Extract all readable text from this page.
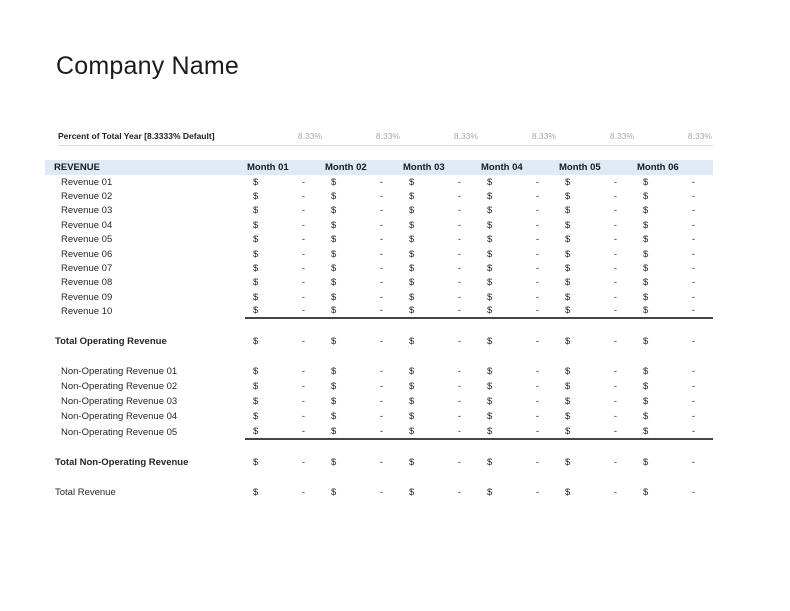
Company Name
Percent of Total Year [8.3333% Default]	8.33%	8.33%	8.33%	8.33%	8.33%	8.33%
REVENUE	Month 01	Month 02	Month 03	Month 04	Month 05	Month 06
Revenue 01	$	-	$	-	$	-	$	-	$	-	$	-
Revenue 02	$	-	$	-	$	-	$	-	$	-	$	-
Revenue 03	$	-	$	-	$	-	$	-	$	-	$	-
Revenue 04	$	-	$	-	$	-	$	-	$	-	$	-
Revenue 05	$	-	$	-	$	-	$	-	$	-	$	-
Revenue 06	$	-	$	-	$	-	$	-	$	-	$	-
Revenue 07	$	-	$	-	$	-	$	-	$	-	$	-
Revenue 08	$	-	$	-	$	-	$	-	$	-	$	-
Revenue 09	$	-	$	-	$	-	$	-	$	-	$	-
Revenue 10	$	-	$	-	$	-	$	-	$	-	$	-
Total Operating Revenue	$	-	$	-	$	-	$	-	$	-	$	-
Non-Operating Revenue 01	$	-	$	-	$	-	$	-	$	-	$	-
Non-Operating Revenue 02	$	-	$	-	$	-	$	-	$	-	$	-
Non-Operating Revenue 03	$	-	$	-	$	-	$	-	$	-	$	-
Non-Operating Revenue 04	$	-	$	-	$	-	$	-	$	-	$	-
Non-Operating Revenue 05	$	-	$	-	$	-	$	-	$	-	$	-
Total Non-Operating Revenue	$	-	$	-	$	-	$	-	$	-	$	-
Total Revenue	$	-	$	-	$	-	$	-	$	-	$	-
